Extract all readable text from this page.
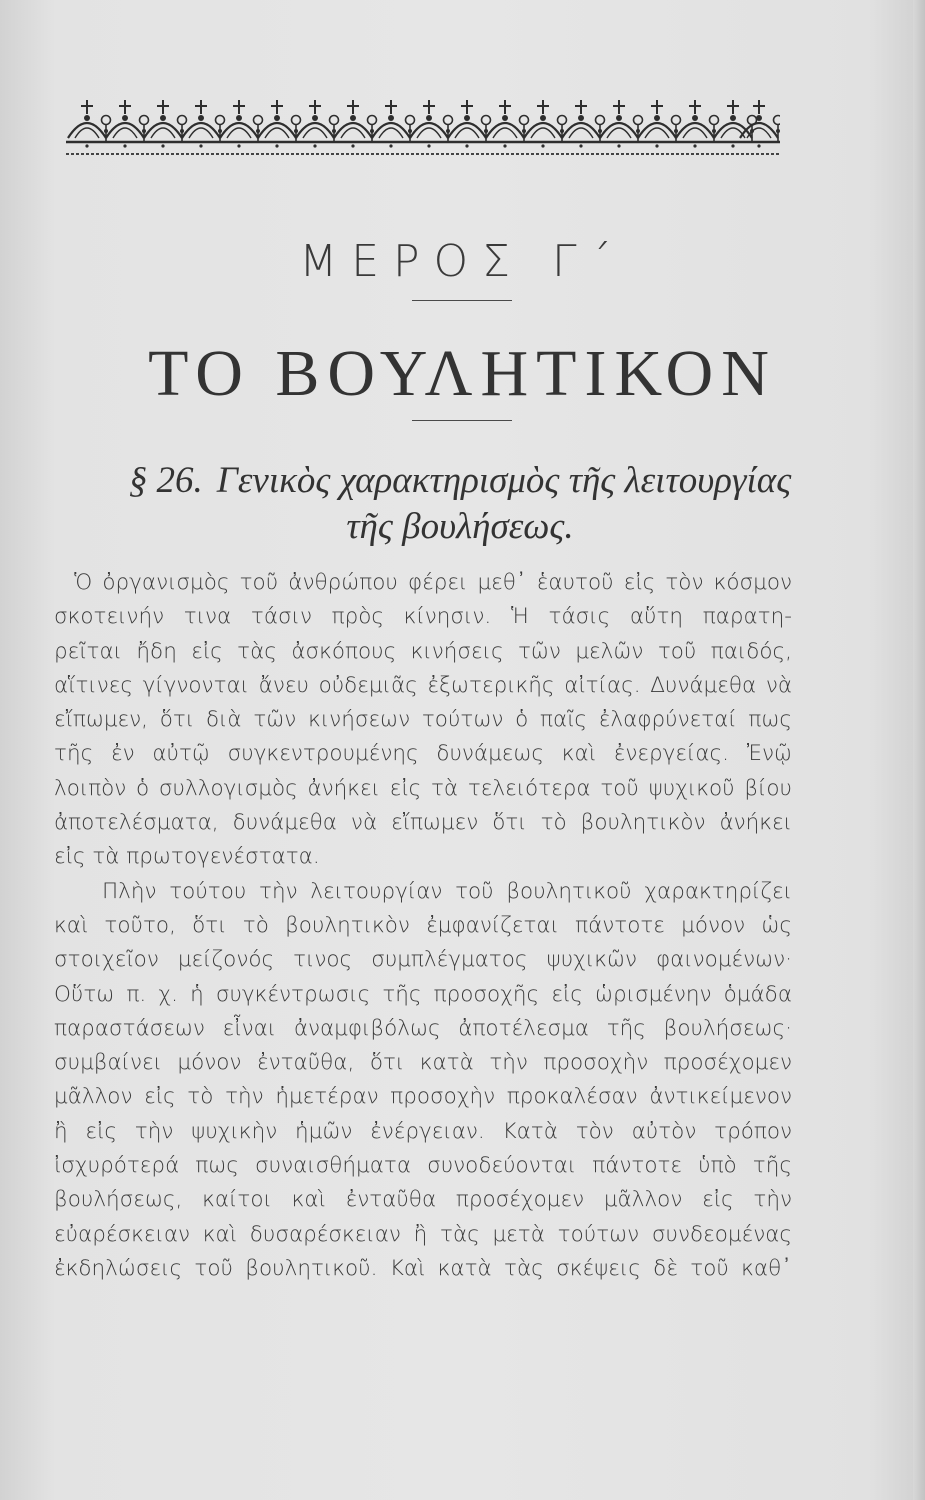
ΜΕΡΟΣ Γ΄
ΤΟ ΒΟΥΛΗΤΙΚΟΝ
§ 26. Γενικὸς χαρακτηρισμὸς τῆς λειτουργίας
τῆς βουλήσεως.
Ὁ ὀργανισμὸς τοῦ ἀνθρώπου φέρει μεθ᾿ ἑαυτοῦ εἰς τὸν κόσμον
σκοτεινήν τινα τάσιν πρὸς κίνησιν. Ἡ τάσις αὕτη παρατη-
ρεῖται ἤδη εἰς τὰς ἀσκόπους κινήσεις τῶν μελῶν τοῦ παιδός,
αἵτινες γίγνονται ἄνευ οὐδεμιᾶς ἐξωτερικῆς αἰτίας. Δυνάμεθα νὰ
εἴπωμεν, ὅτι διὰ τῶν κινήσεων τούτων ὁ παῖς ἐλαφρύνεταί πως
τῆς ἐν αὐτῷ συγκεντρουμένης δυνάμεως καὶ ἐνεργείας. Ἐνῷ
λοιπὸν ὁ συλλογισμὸς ἀνήκει εἰς τὰ τελειότερα τοῦ ψυχικοῦ βίου
ἀποτελέσματα, δυνάμεθα νὰ εἴπωμεν ὅτι τὸ βουλητικὸν ἀνήκει
εἰς τὰ πρωτογενέστατα.
Πλὴν τούτου τὴν λειτουργίαν τοῦ βουλητικοῦ χαρακτηρίζει
καὶ τοῦτο, ὅτι τὸ βουλητικὸν ἐμφανίζεται πάντοτε μόνον ὡς
στοιχεῖον μείζονός τινος συμπλέγματος ψυχικῶν φαινομένων·
Οὕτω π. χ. ἡ συγκέντρωσις τῆς προσοχῆς εἰς ὡρισμένην ὁμάδα
παραστάσεων εἶναι ἀναμφιβόλως ἀποτέλεσμα τῆς βουλήσεως·
συμβαίνει μόνον ἐνταῦθα, ὅτι κατὰ τὴν προσοχὴν προσέχομεν
μᾶλλον εἰς τὸ τὴν ἡμετέραν προσοχὴν προκαλέσαν ἀντικείμενον
ἢ εἰς τὴν ψυχικὴν ἡμῶν ἐνέργειαν. Κατὰ τὸν αὐτὸν τρόπον
ἰσχυρότερά πως συναισθήματα συνοδεύονται πάντοτε ὑπὸ τῆς
βουλήσεως, καίτοι καὶ ἐνταῦθα προσέχομεν μᾶλλον εἰς τὴν
εὐαρέσκειαν καὶ δυσαρέσκειαν ἢ τὰς μετὰ τούτων συνδεομένας
ἐκδηλώσεις τοῦ βουλητικοῦ. Καὶ κατὰ τὰς σκέψεις δὲ τοῦ καθ᾿
